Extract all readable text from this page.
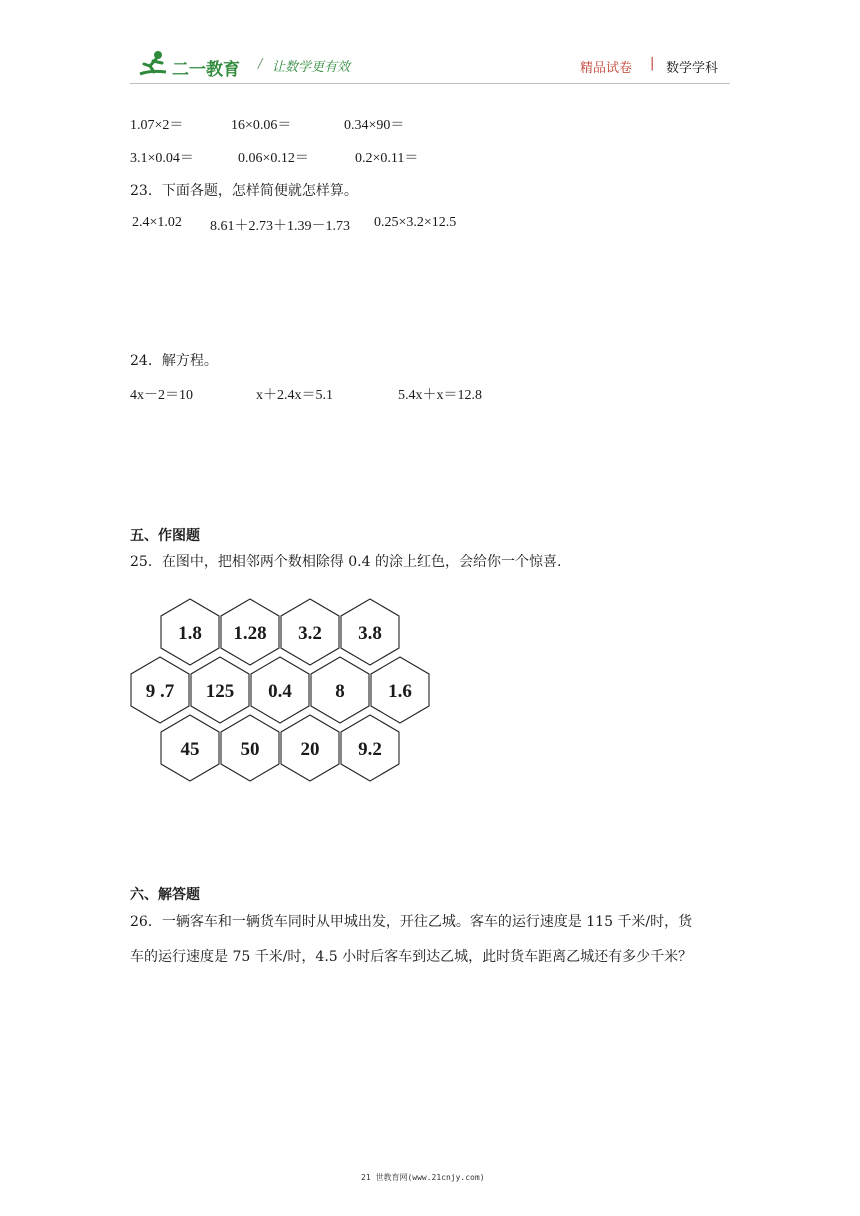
二一教育 / 让数学更有效	精品试卷 | 数学学科
1.07×2＝	16×0.06＝	0.34×90＝
3.1×0.04＝	0.06×0.12＝	0.2×0.11＝
23．下面各题，怎样简便就怎样算。
2.4×1.02 8.61＋2.73＋1.39－1.73 0.25×3.2×12.5
24．解方程。
4x－2＝10	x＋2.4x＝5.1	5.4x＋x＝12.8
五、作图题
25．在图中，把相邻两个数相除得 0.4 的涂上红色，会给你一个惊喜.
1.8 1.28 3.2 3.8
9 .7 125 0.4 8 1.6
45 50 20 9.2
六、解答题
26．一辆客车和一辆货车同时从甲城出发，开往乙城。客车的运行速度是 115 千米/时，货
车的运行速度是 75 千米/时，4.5 小时后客车到达乙城，此时货车距离乙城还有多少千米？
21 世教育网(www.21cnjy.com)
